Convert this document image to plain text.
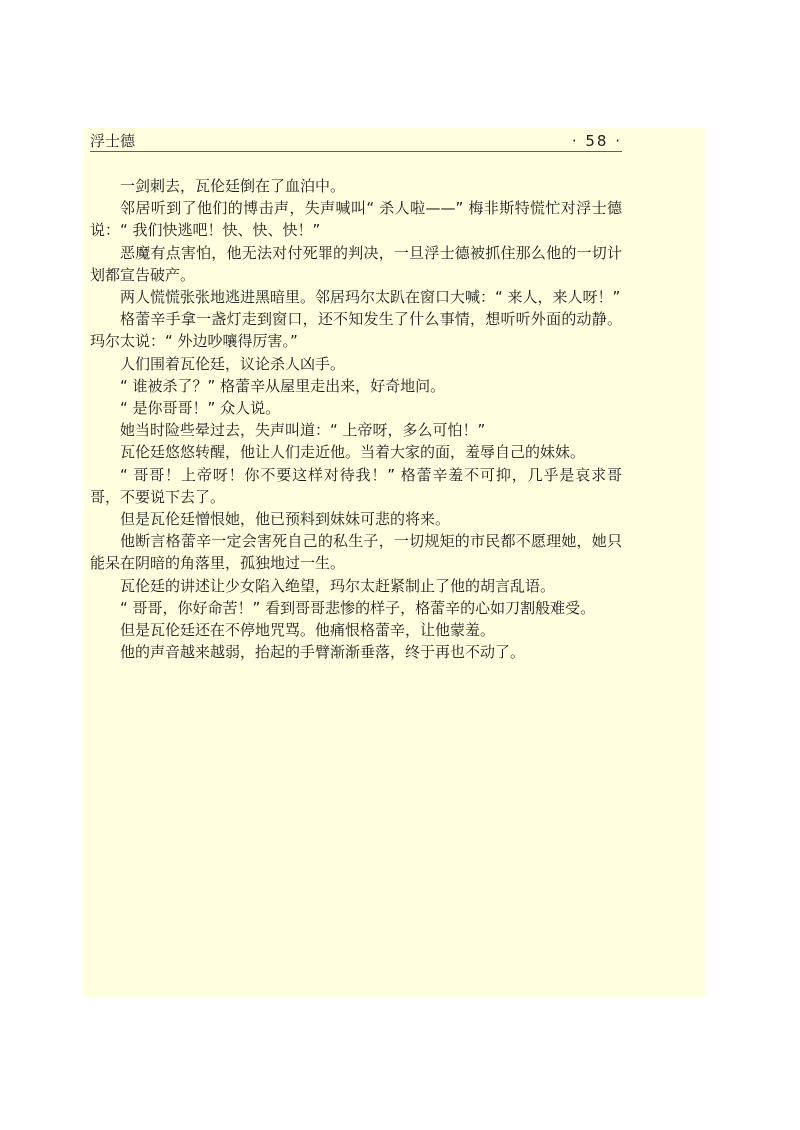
浮士德	· 58 ·

一剑刺去，瓦伦廷倒在了血泊中。

邻居听到了他们的博击声，失声喊叫“ 杀人啦——” 梅非斯特慌忙对浮士德说：“ 我们快逃吧！快、快、快！”

恶魔有点害怕，他无法对付死罪的判决，一旦浮士德被抓住那么他的一切计划都宣告破产。

两人慌慌张张地逃进黑暗里。邻居玛尔太趴在窗口大喊：“ 来人，来人呀！”

格蕾辛手拿一盏灯走到窗口，还不知发生了什么事情，想听听外面的动静。玛尔太说：“ 外边吵嚷得厉害。”

人们围着瓦伦廷，议论杀人凶手。

“ 谁被杀了？” 格蕾辛从屋里走出来，好奇地问。

“ 是你哥哥！” 众人说。

她当时险些晕过去，失声叫道：“ 上帝呀，多么可怕！”

瓦伦廷悠悠转醒，他让人们走近他。当着大家的面，羞辱自己的妹妹。

“ 哥哥！上帝呀！你不要这样对待我！” 格蕾辛羞不可抑，几乎是哀求哥哥，不要说下去了。

但是瓦伦廷憎恨她，他已预料到妹妹可悲的将来。

他断言格蕾辛一定会害死自己的私生子，一切规矩的市民都不愿理她，她只能呆在阴暗的角落里，孤独地过一生。

瓦伦廷的讲述让少女陷入绝望，玛尔太赶紧制止了他的胡言乱语。

“ 哥哥，你好命苦！” 看到哥哥悲惨的样子，格蕾辛的心如刀割般难受。

但是瓦伦廷还在不停地咒骂。他痛恨格蕾辛，让他蒙羞。

他的声音越来越弱，抬起的手臂渐渐垂落，终于再也不动了。
